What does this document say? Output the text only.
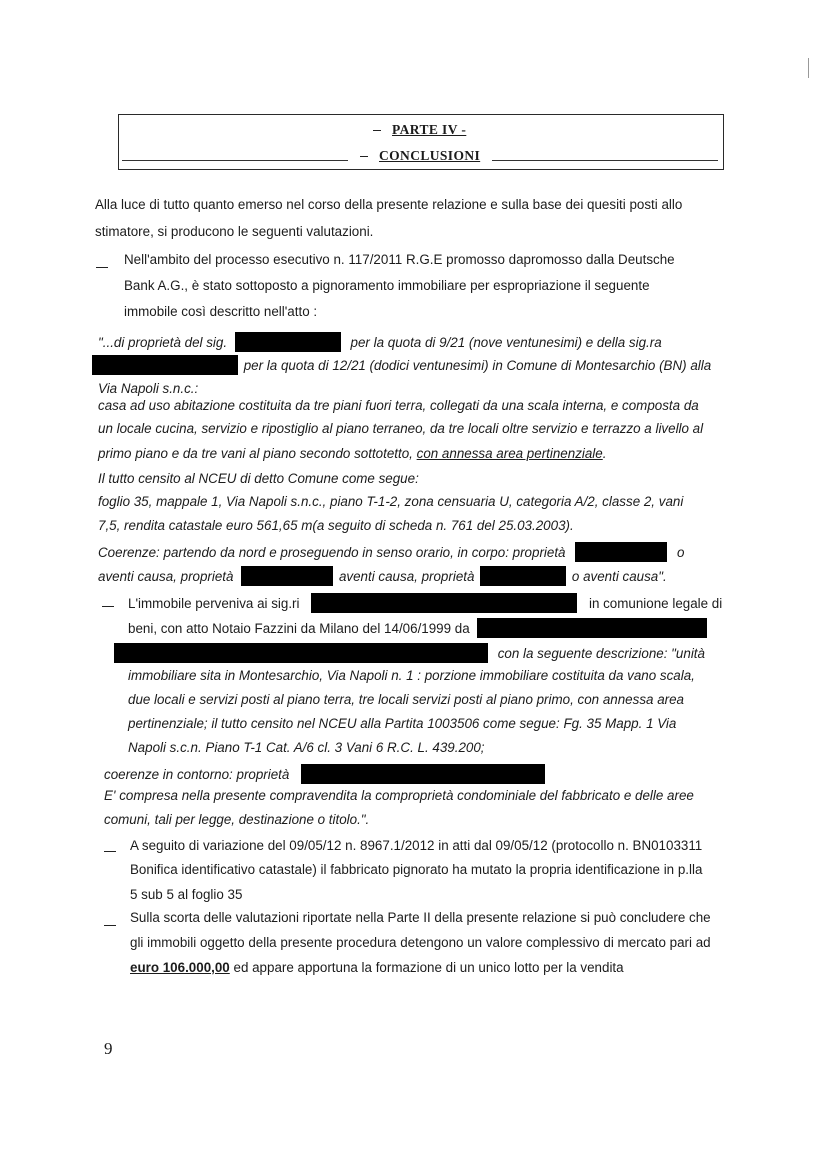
PARTE IV -
CONCLUSIONI
Alla luce di tutto quanto emerso nel corso della presente relazione e sulla base dei quesiti posti allo
stimatore, si producono le seguenti valutazioni.
Nell'ambito del processo esecutivo n. 117/2011 R.G.E promosso dapromosso dalla Deutsche
Bank A.G., è stato sottoposto a pignoramento immobiliare per espropriazione il seguente
immobile così descritto nell'atto :
"...di proprietà del sig.	per la quota di 9/21 (nove ventunesimi) e della sig.ra
per la quota di 12/21 (dodici ventunesimi) in Comune di Montesarchio (BN) alla
Via Napoli s.n.c.:
casa ad uso abitazione costituita da tre piani fuori terra, collegati da una scala interna, e composta da
un locale cucina, servizio e ripostiglio al piano terraneo, da tre locali oltre servizio e terrazzo a livello al
primo piano e da tre vani al piano secondo sottotetto, con annessa area pertinenziale.
Il tutto censito al NCEU di detto Comune come segue:
foglio 35, mappale 1, Via Napoli s.n.c., piano T-1-2, zona censuaria U, categoria A/2, classe 2, vani
7,5, rendita catastale euro 561,65 m(a seguito di scheda n. 761 del 25.03.2003).
Coerenze: partendo da nord e proseguendo in senso orario, in corpo: proprietà	o
aventi causa, proprietà	aventi causa, proprietà	o aventi causa".
L'immobile perveniva ai sig.ri	in comunione legale di
beni, con atto Notaio Fazzini da Milano del 14/06/1999 da
con la seguente descrizione: "unità
immobiliare sita in Montesarchio, Via Napoli n. 1 : porzione immobiliare costituita da vano scala,
due locali e servizi posti al piano terra, tre locali servizi posti al piano primo, con annessa area
pertinenziale; il tutto censito nel NCEU alla Partita 1003506 come segue: Fg. 35 Mapp. 1 Via
Napoli s.c.n. Piano T-1 Cat. A/6 cl. 3 Vani 6 R.C. L. 439.200;
coerenze in contorno: proprietà
E' compresa nella presente compravendita la comproprietà condominiale del fabbricato e delle aree
comuni, tali per legge, destinazione o titolo.".
A seguito di variazione del 09/05/12 n. 8967.1/2012 in atti dal 09/05/12 (protocollo n. BN0103311
Bonifica identificativo catastale) il fabbricato pignorato ha mutato la propria identificazione in p.lla
5 sub 5 al foglio 35
Sulla scorta delle valutazioni riportate nella Parte II della presente relazione si può concludere che
gli immobili oggetto della presente procedura detengono un valore complessivo di mercato pari ad
euro 106.000,00 ed appare apportuna la formazione di un unico lotto per la vendita
9
